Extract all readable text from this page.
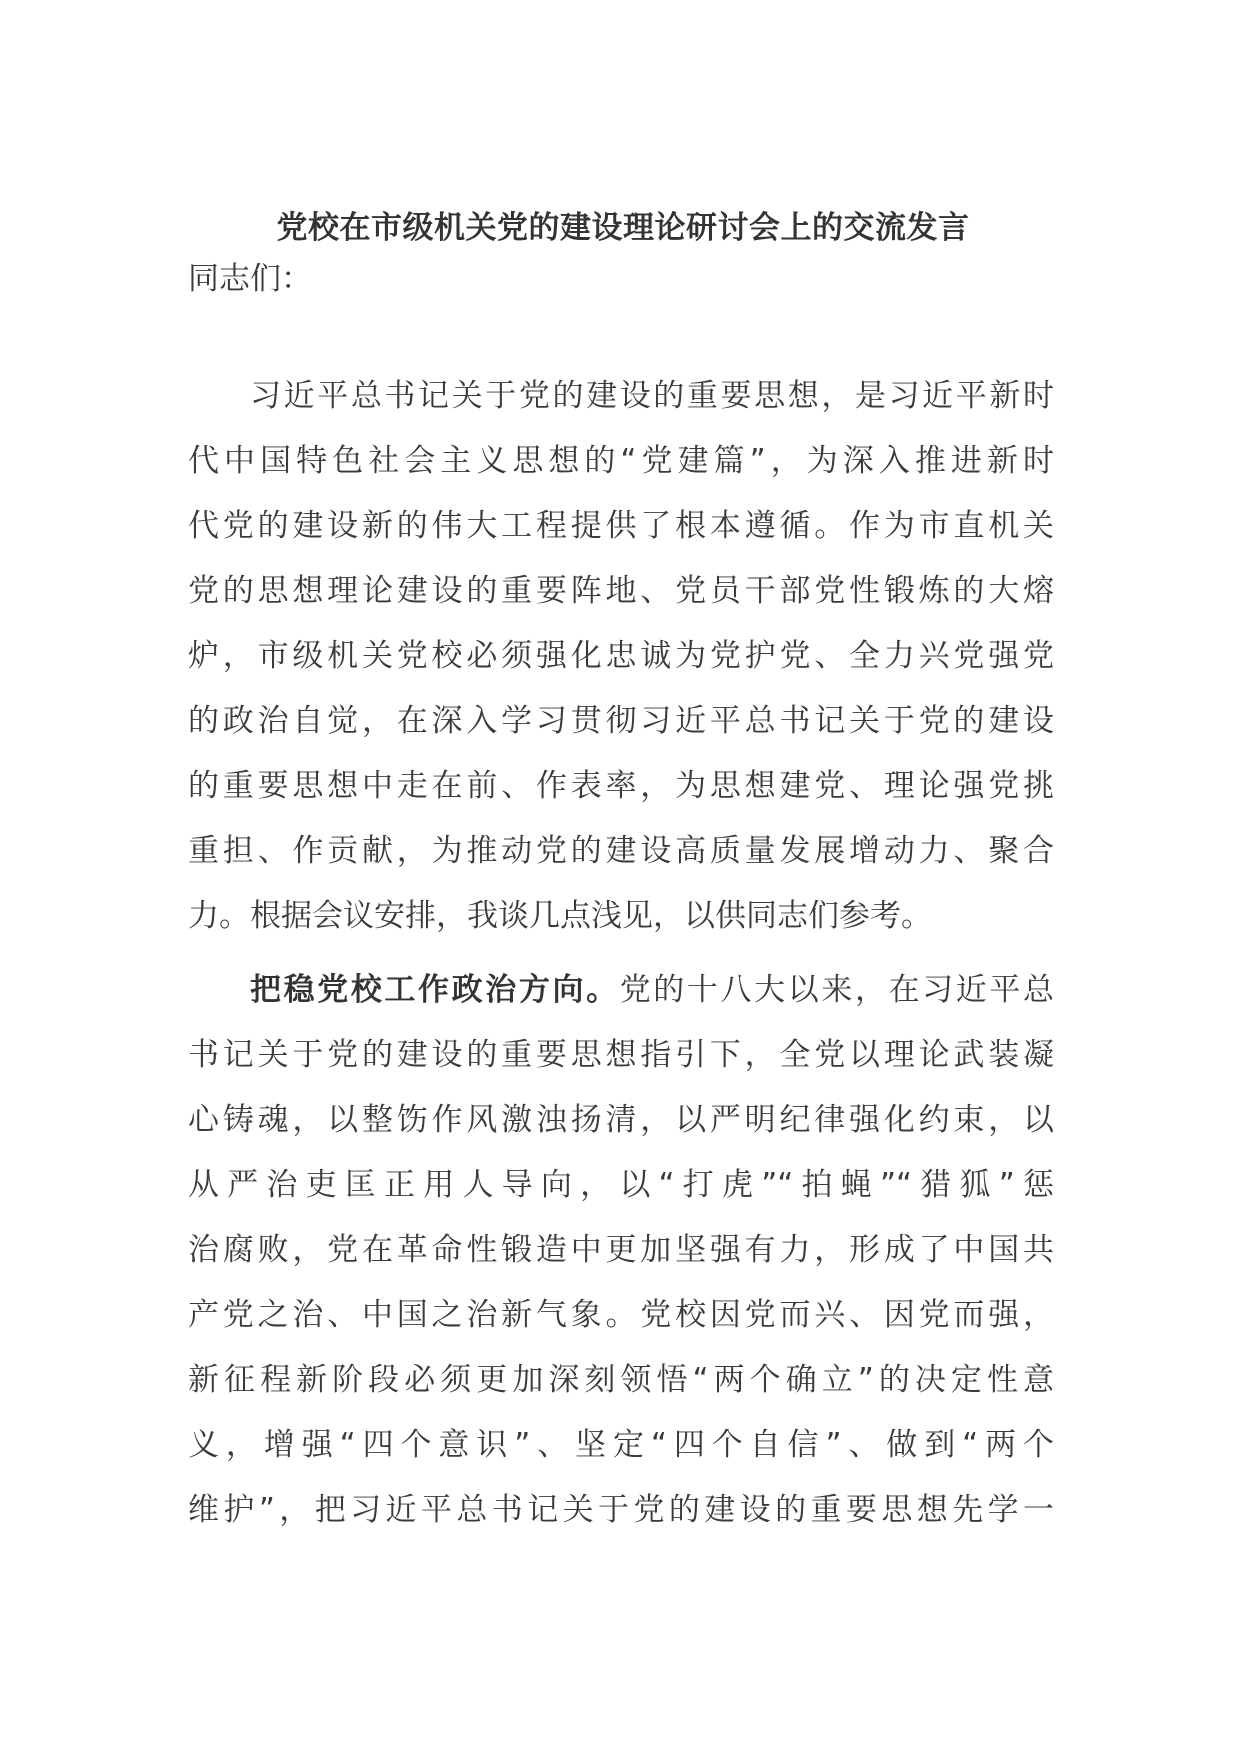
党校在市级机关党的建设理论研讨会上的交流发言
同志们：
习近平总书记关于党的建设的重要思想，是习近平新时
代中国特色社会主义思想的“党建篇”，为深入推进新时
代党的建设新的伟大工程提供了根本遵循。作为市直机关
党的思想理论建设的重要阵地、党员干部党性锻炼的大熔
炉，市级机关党校必须强化忠诚为党护党、全力兴党强党
的政治自觉，在深入学习贯彻习近平总书记关于党的建设
的重要思想中走在前、作表率，为思想建党、理论强党挑
重担、作贡献，为推动党的建设高质量发展增动力、聚合
力。根据会议安排，我谈几点浅见，以供同志们参考。
把稳党校工作政治方向。党的十八大以来，在习近平总
书记关于党的建设的重要思想指引下，全党以理论武装凝
心铸魂，以整饬作风激浊扬清，以严明纪律强化约束，以
从严治吏匡正用人导向，以“打虎”“拍蝇”“猎狐”惩
治腐败，党在革命性锻造中更加坚强有力，形成了中国共
产党之治、中国之治新气象。党校因党而兴、因党而强，
新征程新阶段必须更加深刻领悟“两个确立”的决定性意
义，增强“四个意识”、坚定“四个自信”、做到“两个
维护”，把习近平总书记关于党的建设的重要思想先学一
